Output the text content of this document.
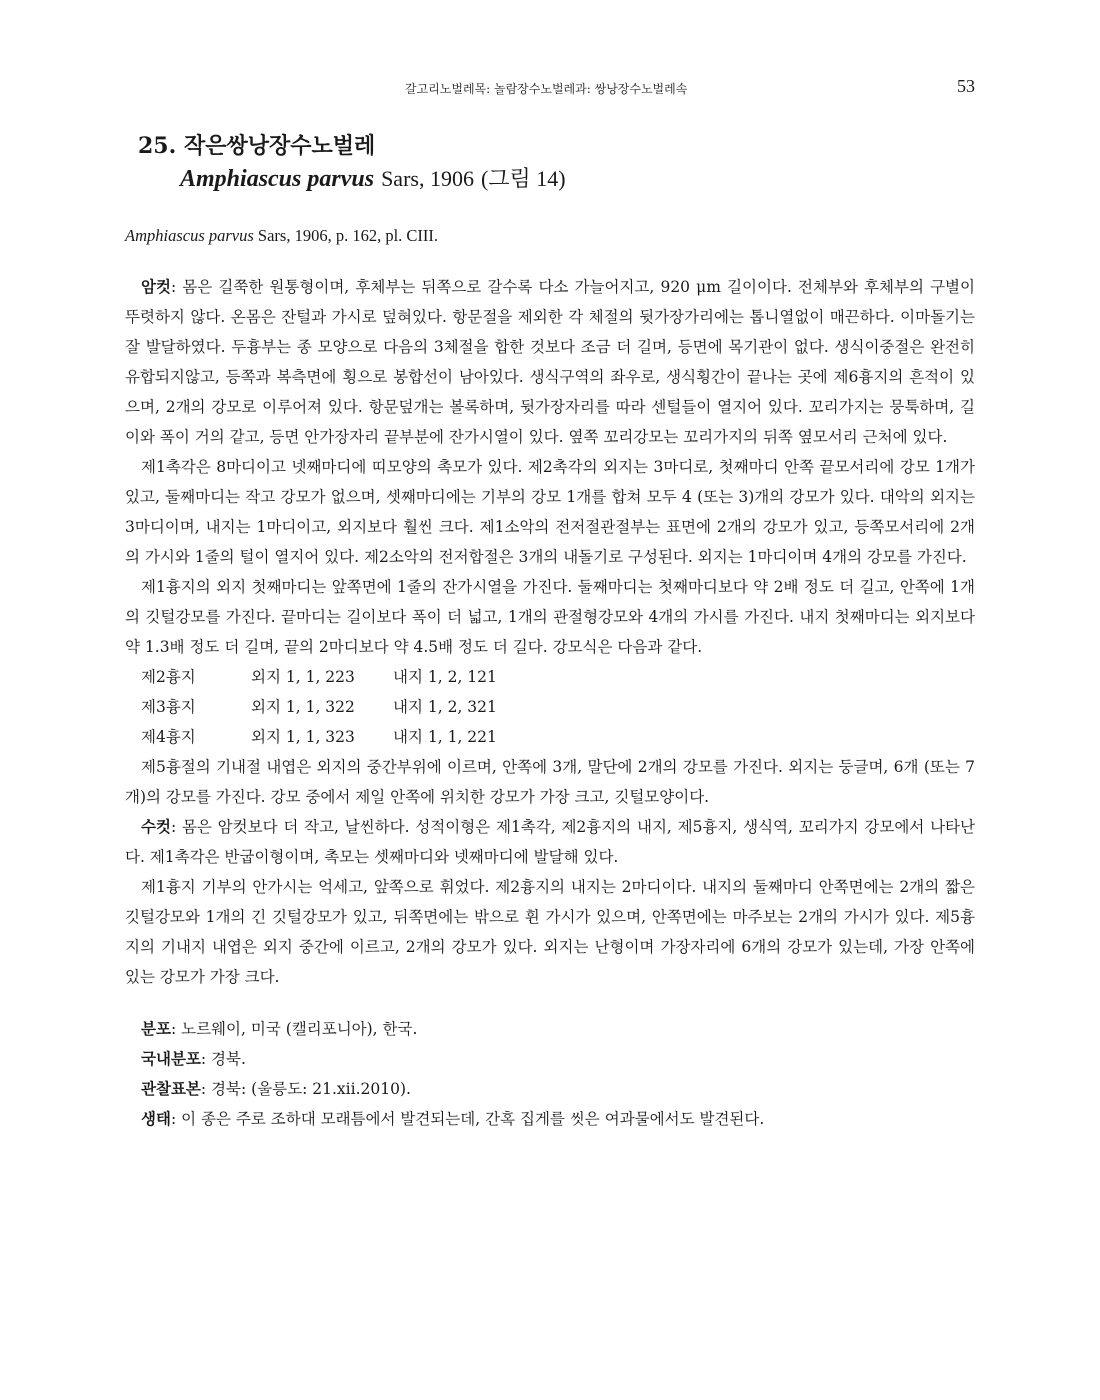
갈고리노벌레목: 놀람장수노벌레과: 쌍낭장수노벌레속	53
25. 작은쌍낭장수노벌레
Amphiascus parvus Sars, 1906 (그림 14)
Amphiascus parvus Sars, 1906, p. 162, pl. CIII.

암컷: 몸은 길쭉한 원통형이며, 후체부는 뒤쪽으로 갈수록 다소 가늘어지고, 920 μm 길이이다. 전체부와 후체부의 구별이 뚜렷하지 않다. 온몸은 잔털과 가시로 덮혀있다. 항문절을 제외한 각 체절의 뒷가장가리에는 톱니열없이 매끈하다. 이마돌기는 잘 발달하였다. 두흉부는 종 모양으로 다음의 3체절을 합한 것보다 조금 더 길며, 등면에 목기관이 없다. 생식이중절은 완전히 유합되지않고, 등쪽과 복측면에 횡으로 봉합선이 남아있다. 생식구역의 좌우로, 생식횡간이 끝나는 곳에 제6흉지의 흔적이 있으며, 2개의 강모로 이루어져 있다. 항문덮개는 볼록하며, 뒷가장자리를 따라 센털들이 열지어 있다. 꼬리가지는 뭉툭하며, 길이와 폭이 거의 같고, 등면 안가장자리 끝부분에 잔가시열이 있다. 옆쪽 꼬리강모는 꼬리가지의 뒤쪽 옆모서리 근처에 있다.

제1촉각은 8마디이고 넷째마디에 띠모양의 촉모가 있다. 제2촉각의 외지는 3마디로, 첫째마디 안쪽 끝모서리에 강모 1개가 있고, 둘째마디는 작고 강모가 없으며, 셋째마디에는 기부의 강모 1개를 합쳐 모두 4 (또는 3)개의 강모가 있다. 대악의 외지는 3마디이며, 내지는 1마디이고, 외지보다 훨씬 크다. 제1소악의 전저절관절부는 표면에 2개의 강모가 있고, 등쪽모서리에 2개의 가시와 1줄의 털이 열지어 있다. 제2소악의 전저합절은 3개의 내돌기로 구성된다. 외지는 1마디이며 4개의 강모를 가진다.

제1흉지의 외지 첫째마디는 앞쪽면에 1줄의 잔가시열을 가진다. 둘째마디는 첫째마디보다 약 2배 정도 더 길고, 안쪽에 1개의 깃털강모를 가진다. 끝마디는 길이보다 폭이 더 넓고, 1개의 관절형강모와 4개의 가시를 가진다. 내지 첫째마디는 외지보다 약 1.3배 정도 더 길며, 끝의 2마디보다 약 4.5배 정도 더 길다. 강모식은 다음과 같다.

제2흉지	외지 1, 1, 223 내지 1, 2, 121
제3흉지	외지 1, 1, 322 내지 1, 2, 321
제4흉지	외지 1, 1, 323 내지 1, 1, 221

제5흉절의 기내절 내엽은 외지의 중간부위에 이르며, 안쪽에 3개, 말단에 2개의 강모를 가진다. 외지는 둥글며, 6개 (또는 7개)의 강모를 가진다. 강모 중에서 제일 안쪽에 위치한 강모가 가장 크고, 깃털모양이다.

수컷: 몸은 암컷보다 더 작고, 날씬하다. 성적이형은 제1촉각, 제2흉지의 내지, 제5흉지, 생식역, 꼬리가지 강모에서 나타난다. 제1촉각은 반굽이형이며, 촉모는 셋째마디와 넷째마디에 발달해 있다.

제1흉지 기부의 안가시는 억세고, 앞쪽으로 휘었다. 제2흉지의 내지는 2마디이다. 내지의 둘째마디 안쪽면에는 2개의 짧은 깃털강모와 1개의 긴 깃털강모가 있고, 뒤쪽면에는 밖으로 휜 가시가 있으며, 안쪽면에는 마주보는 2개의 가시가 있다. 제5흉지의 기내지 내엽은 외지 중간에 이르고, 2개의 강모가 있다. 외지는 난형이며 가장자리에 6개의 강모가 있는데, 가장 안쪽에 있는 강모가 가장 크다.

분포: 노르웨이, 미국 (캘리포니아), 한국.
국내분포: 경북.
관찰표본: 경북: (울릉도: 21.xii.2010).
생태: 이 종은 주로 조하대 모래틈에서 발견되는데, 간혹 집게를 씻은 여과물에서도 발견된다.
